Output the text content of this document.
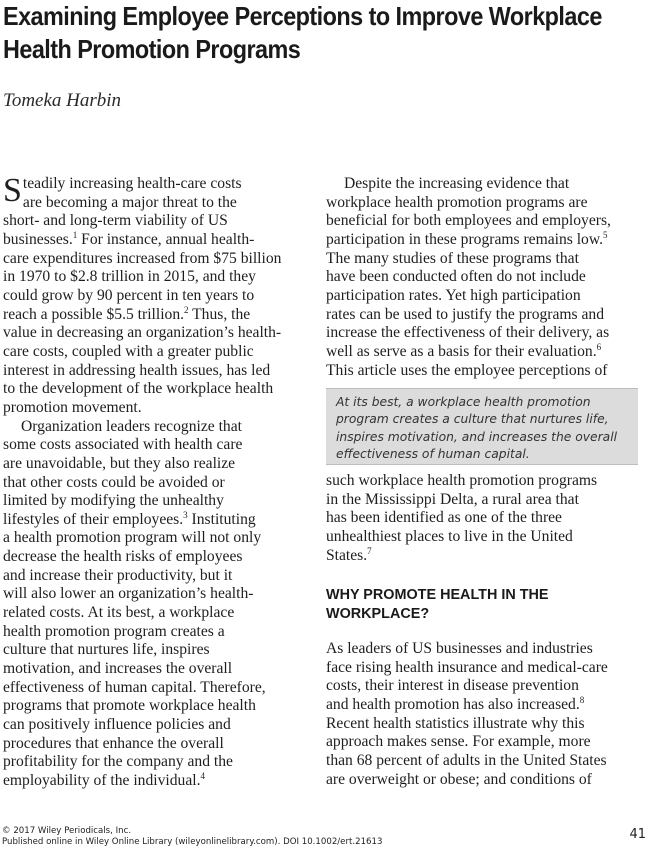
Examining Employee Perceptions to Improve Workplace
Health Promotion Programs
Tomeka Harbin

S teadily increasing health-care costs
are becoming a major threat to the
short- and long-term viability of US
businesses.$^1$ For instance, annual health-
care expenditures increased from $75 billion
in 1970 to $2.8 trillion in 2015, and they
could grow by 90 percent in ten years to
reach a possible $5.5 trillion.$^2$ Thus, the
value in decreasing an organization’s health-
care costs, coupled with a greater public
interest in addressing health issues, has led
to the development of the workplace health
promotion movement.

Organization leaders recognize that
some costs associated with health care
are unavoidable, but they also realize
that other costs could be avoided or
limited by modifying the unhealthy
lifestyles of their employees.$^3$ Instituting
a health promotion program will not only
decrease the health risks of employees
and increase their productivity, but it
will also lower an organization’s health-
related costs. At its best, a workplace
health promotion program creates a
culture that nurtures life, inspires
motivation, and increases the overall
effectiveness of human capital. Therefore,
programs that promote workplace health
can positively influence policies and
procedures that enhance the overall
profitability for the company and the
employability of the individual.$^4$

Despite the increasing evidence that
workplace health promotion programs are
beneficial for both employees and employers,
participation in these programs remains low.$^5$
The many studies of these programs that
have been conducted often do not include
participation rates. Yet high participation
rates can be used to justify the programs and
increase the effectiveness of their delivery, as
well as serve as a basis for their evaluation.$^6$
This article uses the employee perceptions of

At its best, a workplace health promotion
program creates a culture that nurtures life,
inspires motivation, and increases the overall
effectiveness of human capital.

such workplace health promotion programs
in the Mississippi Delta, a rural area that
has been identified as one of the three
unhealthiest places to live in the United
States.$^7$

WHY PROMOTE HEALTH IN THE
WORKPLACE?

As leaders of US businesses and industries
face rising health insurance and medical-care
costs, their interest in disease prevention
and health promotion has also increased.$^8$
Recent health statistics illustrate why this
approach makes sense. For example, more
than 68 percent of adults in the United States
are overweight or obese; and conditions of

© 2017 Wiley Periodicals, Inc.
Published online in Wiley Online Library (wileyonlinelibrary.com). DOI 10.1002/ert.21613	41
